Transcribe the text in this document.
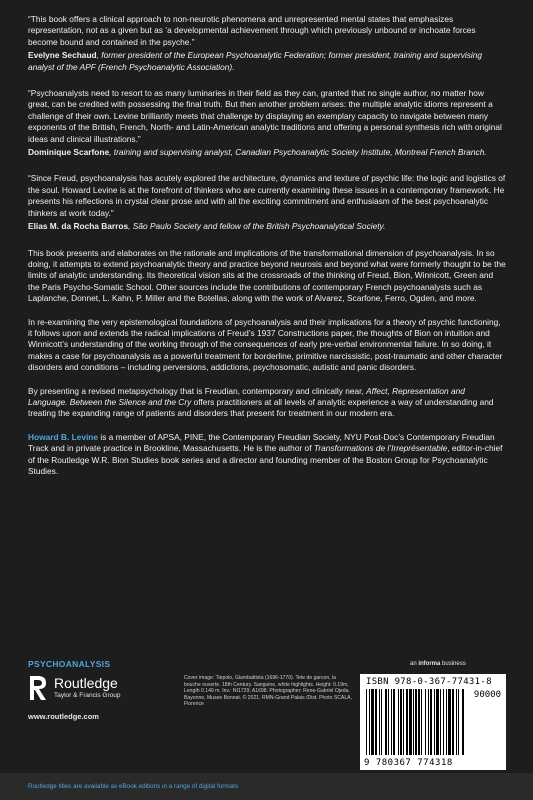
“This book offers a clinical approach to non-neurotic phenomena and unrepresented mental states that emphasizes representation, not as a given but as ‘a developmental achievement through which previously unbound or inchoate forces become bound and contained in the psyche.”

Evelyne Sechaud, former president of the European Psychoanalytic Federation; former president, training and supervising analyst of the APF (French Psychoanalytic Association).

“Psychoanalysts need to resort to as many luminaries in their field as they can, granted that no single author, no matter how great, can be credited with possessing the final truth. But then another problem arises: the multiple analytic idioms represent a challenge of their own. Levine brilliantly meets that challenge by displaying an exemplary capacity to navigate between many exponents of the British, French, North- and Latin-American analytic traditions and offering a personal synthesis rich with original ideas and clinical illustrations.”

Dominique Scarfone, training and supervising analyst, Canadian Psychoanalytic Society Institute, Montreal French Branch.

“Since Freud, psychoanalysis has acutely explored the architecture, dynamics and texture of psychic life: the logic and logistics of the soul. Howard Levine is at the forefront of thinkers who are currently examining these issues in a contemporary framework. He presents his reflections in crystal clear prose and with all the exciting commitment and enthusiasm of the best psychoanalytic thinkers at work today.”

Elias M. da Rocha Barros, São Paulo Society and fellow of the British Psychoanalytical Society.

This book presents and elaborates on the rationale and implications of the transformational dimension of psychoanalysis. In so doing, it attempts to extend psychoanalytic theory and practice beyond neurosis and beyond what were formerly thought to be the limits of analytic understanding. Its theoretical vision sits at the crossroads of the thinking of Freud, Bion, Winnicott, Green and the Paris Psycho-Somatic School. Other sources include the contributions of contemporary French psychoanalysts such as Laplanche, Donnet, L. Kahn, P. Miller and the Botellas, along with the work of Alvarez, Scarfone, Ferro, Ogden, and more.

In re-examining the very epistemological foundations of psychoanalysis and their implications for a theory of psychic functioning, it follows upon and extends the radical implications of Freud’s 1937 Constructions paper, the thoughts of Bion on intuition and Winnicott’s understanding of the working through of the consequences of early pre-verbal environmental failure. In so doing, it makes a case for psychoanalysis as a powerful treatment for borderline, primitive narcissistic, post-traumatic and other character disorders and conditions – including perversions, addictions, psychosomatic, autistic and panic disorders.

By presenting a revised metapsychology that is Freudian, contemporary and clinically near, Affect, Representation and Language. Between the Silence and the Cry offers practitioners at all levels of analytic experience a way of understanding and treating the expanding range of patients and disorders that present for treatment in our modern era.

Howard B. Levine is a member of APSA, PINE, the Contemporary Freudian Society, NYU Post-Doc’s Contemporary Freudian Track and in private practice in Brookline, Massachusetts. He is the author of Transformations de l’Irreprésentable, editor-in-chief of the Routledge W.R. Bion Studies book series and a director and founding member of the Boston Group for Psychoanalytic Studies.

PSYCHOANALYSIS
Routledge
Taylor & Francis Group
www.routledge.com
Cover image: Tiepolo, Giambattista (1696-1770). Tete de garcon, la bouche ouverte. 18th Century. Sanguine, white highlights. Height: 0.19m, Length 0.149 m. Inv.: NI1729; A1698. Photographer: Rene-Gabriel Ojeda. Bayonne, Musee Bonnat. © 2021. RMN-Grand Palais /Dist. Photo SCALA, Florence
an informa business
ISBN 978-0-367-77431-8
90000
9 780367 774318
Routledge titles are available as eBook editions in a range of digital formats
